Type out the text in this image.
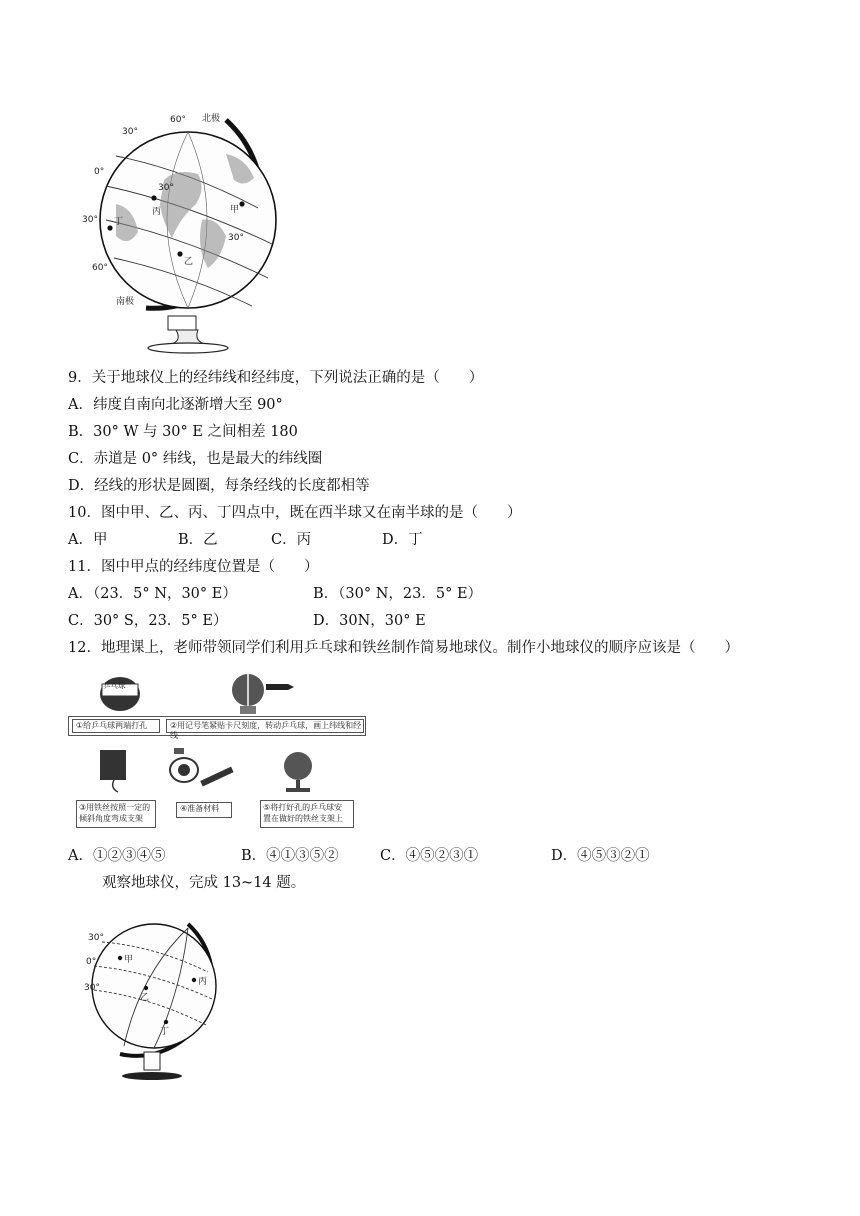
北极
南极
60°
30°
0°
30°
60°
30°
30°
甲
乙
丙
丁
9．关于地球仪上的经纬线和经纬度，下列说法正确的是（　　）
A．纬度自南向北逐渐增大至 90°
B．30° W 与 30° E 之间相差 180
C．赤道是 0° 纬线，也是最大的纬线圈
D．经线的形状是圆圈，每条经线的长度都相等
10．图中甲、乙、丙、丁四点中，既在西半球又在南半球的是（　　）
A．甲	B．乙	C．丙	D．丁
11．图中甲点的经纬度位置是（　　）
A．（23．5° N，30° E）	B．（30° N，23．5° E）
C．30° S，23．5° E）	D．30N，30° E
12．地理课上，老师带领同学们利用乒乓球和铁丝制作简易地球仪。制作小地球仪的顺序应该是（　　）
乒乓球
①给乒乓球两端打孔	②用记号笔紧贴卡尺刻度，转动乒乓球，画上纬线和经线
③用铁丝按照一定的
倾斜角度弯成支架
④准备材料	⑤将打好孔的乒乓球安
置在做好的铁丝支架上
A．①②③④⑤	B．④①③⑤②	C．④⑤②③①	D．④⑤③②①
观察地球仪，完成 13~14 题。
30°
0°
30°
甲
乙
丙
丁
